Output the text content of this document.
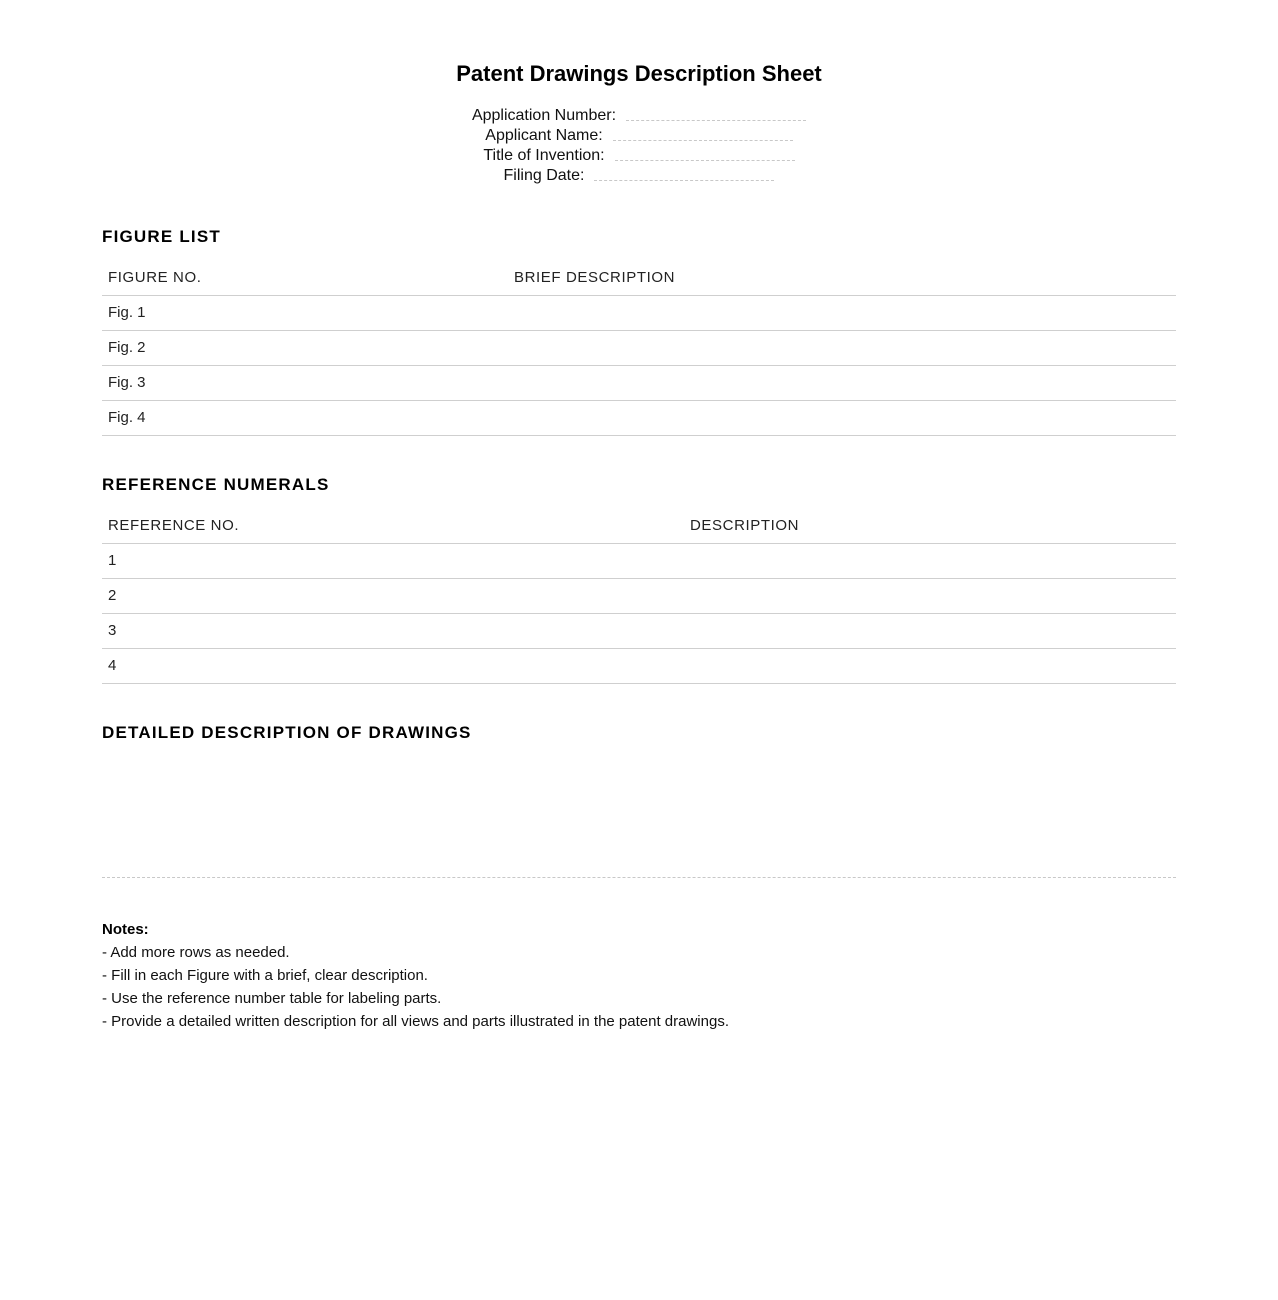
Patent Drawings Description Sheet
Application Number:
Applicant Name:
Title of Invention:
Filing Date:
FIGURE LIST
FIGURE NO.	BRIEF DESCRIPTION
Fig. 1
Fig. 2
Fig. 3
Fig. 4
REFERENCE NUMERALS
REFERENCE NO.	DESCRIPTION
1
2
3
4
DETAILED DESCRIPTION OF DRAWINGS
Notes:
- Add more rows as needed.
- Fill in each Figure with a brief, clear description.
- Use the reference number table for labeling parts.
- Provide a detailed written description for all views and parts illustrated in the patent drawings.
